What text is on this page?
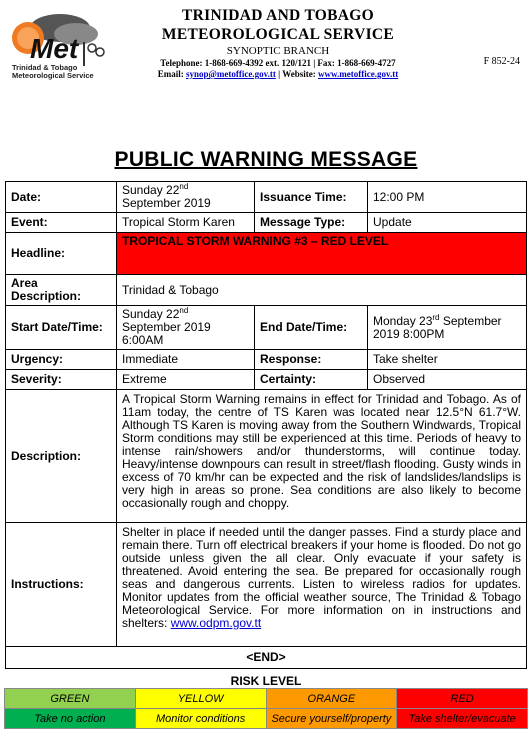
Met
Trinidad & Tobago
Meteorological Service
TRINIDAD AND TOBAGO
METEOROLOGICAL SERVICE
SYNOPTIC BRANCH
Telephone: 1-868-669-4392 ext. 120/121 | Fax: 1-868-669-4727
Email: synop@metoffice.gov.tt | Website: www.metoffice.gov.tt
F 852-24
PUBLIC WARNING MESSAGE
Date:	Sunday 22nd
September 2019	Issuance Time:	12:00 PM
Event:	Tropical Storm Karen	Message Type:	Update
Headline:	TROPICAL STORM WARNING #3 – RED LEVEL		
Area Description:	Trinidad & Tobago		
Start Date/Time:	Sunday 22nd
September 2019
6:00AM	End Date/Time:	Monday 23rd September
2019 8:00PM
Urgency:	Immediate	Response:	Take shelter
Severity:	Extreme	Certainty:	Observed
Description:	A Tropical Storm Warning remains in effect for Trinidad and Tobago. As of 11am today, the centre of TS Karen was located near 12.5°N 61.7°W. Although TS Karen is moving away from the Southern Windwards, Tropical Storm conditions may still be experienced at this time. Periods of heavy to intense rain/showers and/or thunderstorms, will continue today. Heavy/intense downpours can result in street/flash flooding. Gusty winds in excess of 70 km/hr can be expected and the risk of landslides/landslips is very high in areas so prone. Sea conditions are also likely to become occasionally rough and choppy.		
Instructions:	Shelter in place if needed until the danger passes. Find a sturdy place and remain there. Turn off electrical breakers if your home is flooded. Do not go outside unless given the all clear. Only evacuate if your safety is threatened. Avoid entering the sea. Be prepared for occasionally rough seas and dangerous currents. Listen to wireless radios for updates. Monitor updates from the official weather source, The Trinidad & Tobago Meteorological Service. For more information on in instructions and shelters: www.odpm.gov.tt		
<END>			
RISK LEVEL
GREEN	YELLOW	ORANGE	RED
Take no action	Monitor conditions	Secure yourself/property	Take shelter/evacuate
